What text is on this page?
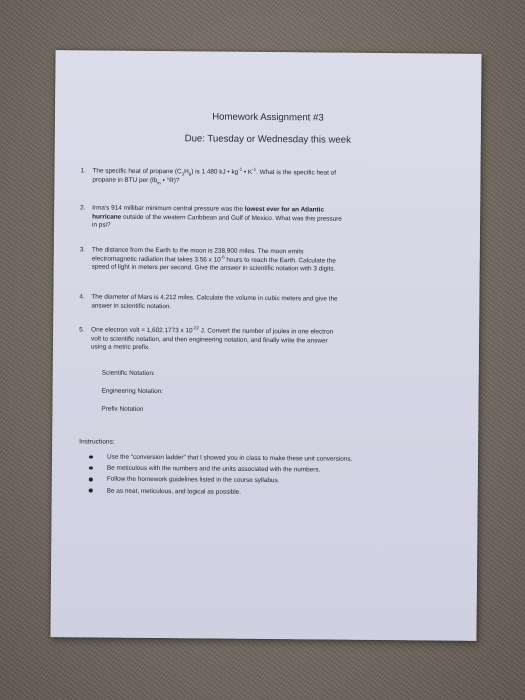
Homework Assignment #3
Due: Tuesday or Wednesday this week
1. The specific heat of propane $(C_3H_8)$ is 1.480 kJ • $kg^{-1}$ • $K^{-1}$. What is the specific heat of
propane in BTU per ($lb_m$ • °R)?
2. Irma's 914 millibar minimum central pressure was the lowest ever for an Atlantic
hurricane outside of the western Caribbean and Gulf of Mexico. What was this pressure
in psi?
3. The distance from the Earth to the moon is 238,900 miles. The moon emits
electromagnetic radiation that takes 3.56 x $10^{-6}$ hours to reach the Earth. Calculate the
speed of light in meters per second. Give the answer in scientific notation with 3 digits.
4. The diameter of Mars is 4,212 miles. Calculate the volume in cubic meters and give the
answer in scientific notation.
5. One electron volt = 1,602.1773 x $10^{-22}$ J. Convert the number of joules in one electron
volt to scientific notation, and then engineering notation, and finally write the answer
using a metric prefix.
Scientific Notation:
Engineering Notation:
Prefix Notation
Instructions:
Use the "conversion ladder" that I showed you in class to make these unit conversions.
Be meticulous with the numbers and the units associated with the numbers.
Follow the homework guidelines listed in the course syllabus.
Be as neat, meticulous, and logical as possible.
